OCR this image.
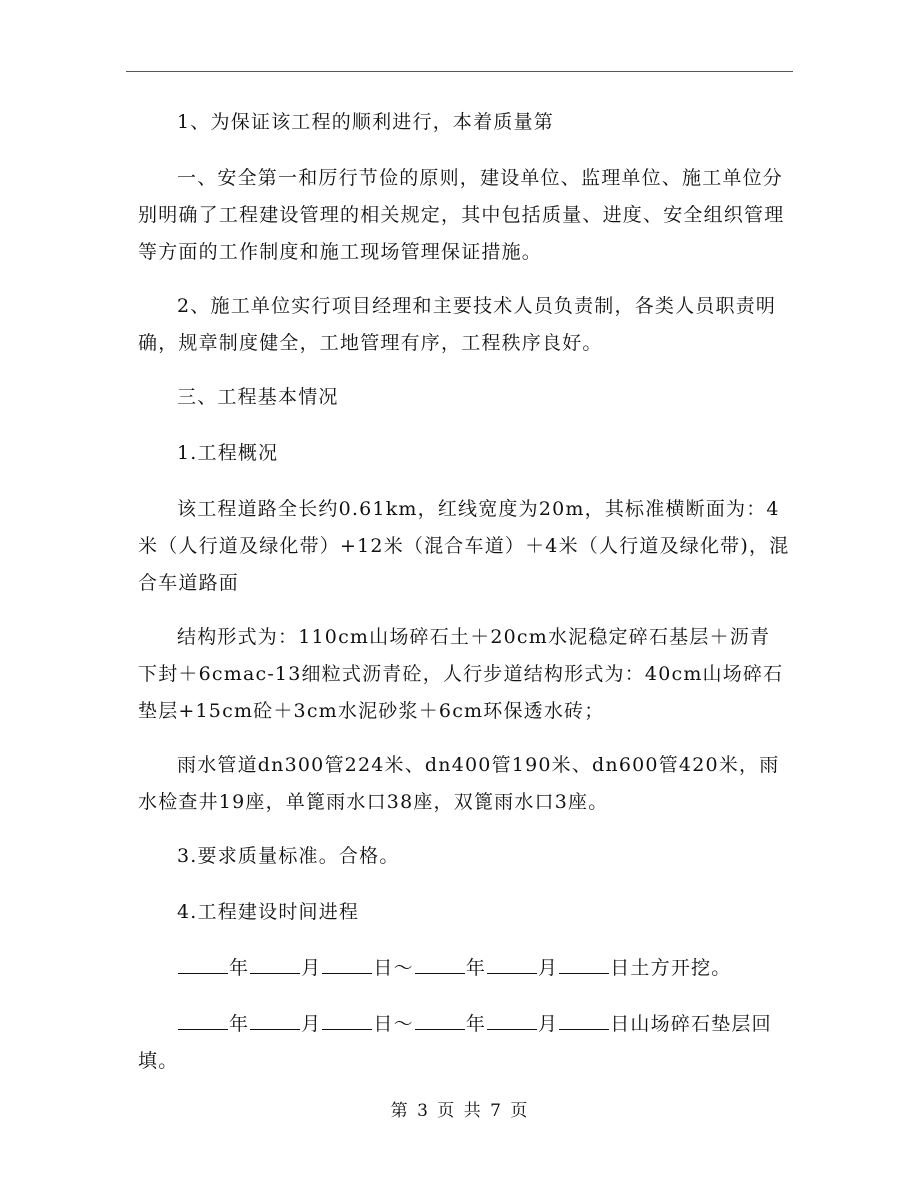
1、为保证该工程的顺利进行，本着质量第

一、安全第一和厉行节俭的原则，建设单位、监理单位、施工单位分别明确了工程建设管理的相关规定，其中包括质量、进度、安全组织管理等方面的工作制度和施工现场管理保证措施。

2、施工单位实行项目经理和主要技术人员负责制，各类人员职责明确，规章制度健全，工地管理有序，工程秩序良好。

三、工程基本情况

1.工程概况

该工程道路全长约0.61km，红线宽度为20m，其标准横断面为：4米（人行道及绿化带）+12米（混合车道）＋4米（人行道及绿化带)，混合车道路面

结构形式为：110cm山场碎石土＋20cm水泥稳定碎石基层＋沥青下封＋6cmac-13细粒式沥青砼，人行步道结构形式为：40cm山场碎石垫层+15cm砼＋3cm水泥砂浆＋6cm环保透水砖；

雨水管道dn300管224米、dn400管190米、dn600管420米，雨水检查井19座，单篦雨水口38座，双篦雨水口3座。

3.要求质量标准。合格。

4.工程建设时间进程

年	月	日～	年	月	日土方开挖。

年	月	日～	年	月	日山场碎石垫层回填。

第 3 页 共 7 页
